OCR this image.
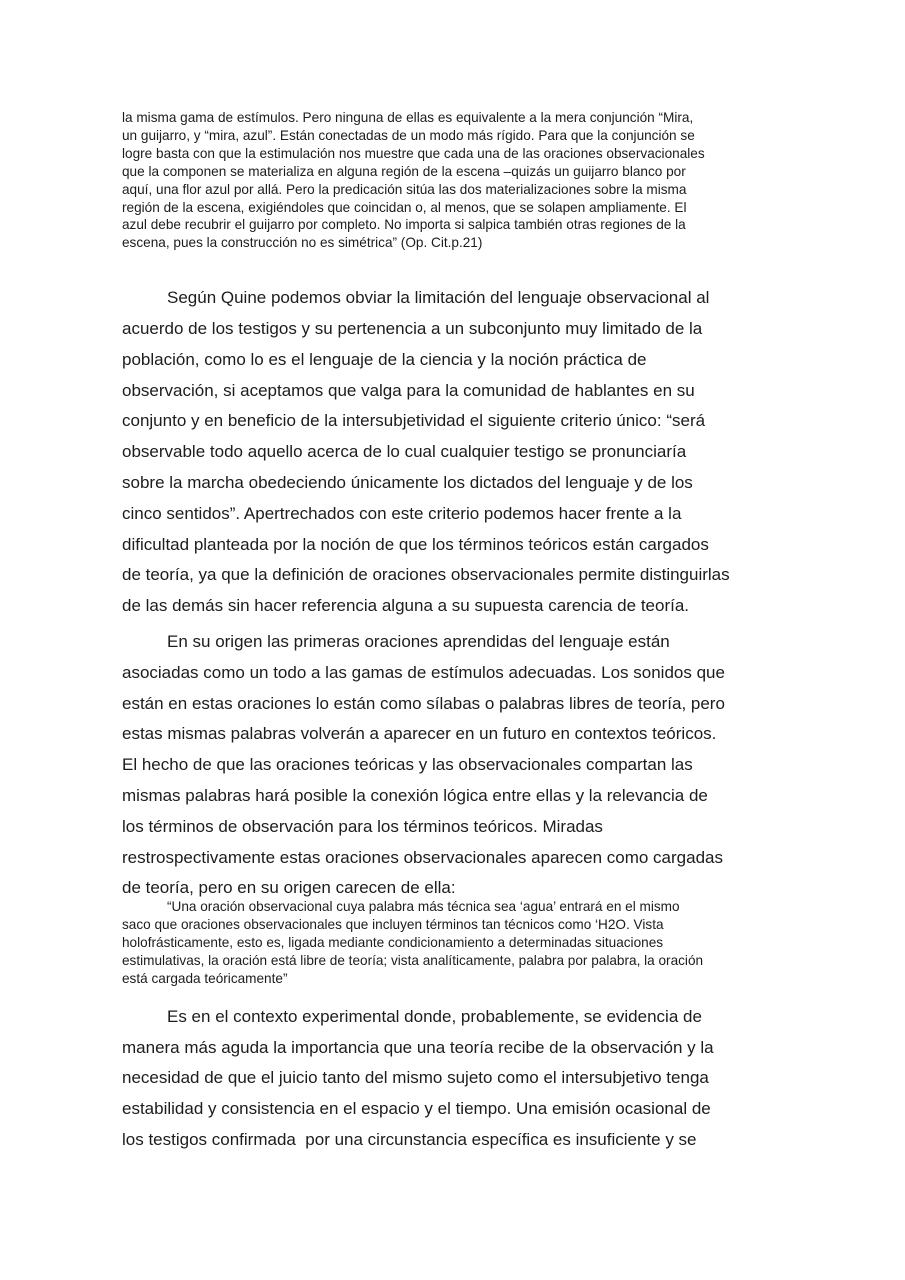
la misma gama de estímulos. Pero ninguna de ellas es equivalente a la mera conjunción “Mira,
un guijarro, y “mira, azul”. Están conectadas de un modo más rígido. Para que la conjunción se
logre basta con que la estimulación nos muestre que cada una de las oraciones observacionales
que la componen se materializa en alguna región de la escena –quizás un guijarro blanco por
aquí, una flor azul por allá. Pero la predicación sitúa las dos materializaciones sobre la misma
región de la escena, exigiéndoles que coincidan o, al menos, que se solapen ampliamente. El
azul debe recubrir el guijarro por completo. No importa si salpica también otras regiones de la
escena, pues la construcción no es simétrica” (Op. Cit.p.21)
Según Quine podemos obviar la limitación del lenguaje observacional al
acuerdo de los testigos y su pertenencia a un subconjunto muy limitado de la
población, como lo es el lenguaje de la ciencia y la noción práctica de
observación, si aceptamos que valga para la comunidad de hablantes en su
conjunto y en beneficio de la intersubjetividad el siguiente criterio único: “será
observable todo aquello acerca de lo cual cualquier testigo se pronunciaría
sobre la marcha obedeciendo únicamente los dictados del lenguaje y de los
cinco sentidos”. Apertrechados con este criterio podemos hacer frente a la
dificultad planteada por la noción de que los términos teóricos están cargados
de teoría, ya que la definición de oraciones observacionales permite distinguirlas
de las demás sin hacer referencia alguna a su supuesta carencia de teoría.
En su origen las primeras oraciones aprendidas del lenguaje están
asociadas como un todo a las gamas de estímulos adecuadas. Los sonidos que
están en estas oraciones lo están como sílabas o palabras libres de teoría, pero
estas mismas palabras volverán a aparecer en un futuro en contextos teóricos.
El hecho de que las oraciones teóricas y las observacionales compartan las
mismas palabras hará posible la conexión lógica entre ellas y la relevancia de
los términos de observación para los términos teóricos. Miradas
restrospectivamente estas oraciones observacionales aparecen como cargadas
de teoría, pero en su origen carecen de ella:
“Una oración observacional cuya palabra más técnica sea ‘agua’ entrará en el mismo
saco que oraciones observacionales que incluyen términos tan técnicos como ‘H2O. Vista
holofrásticamente, esto es, ligada mediante condicionamiento a determinadas situaciones
estimulativas, la oración está libre de teoría; vista analíticamente, palabra por palabra, la oración
está cargada teóricamente”
Es en el contexto experimental donde, probablemente, se evidencia de
manera más aguda la importancia que una teoría recibe de la observación y la
necesidad de que el juicio tanto del mismo sujeto como el intersubjetivo tenga
estabilidad y consistencia en el espacio y el tiempo. Una emisión ocasional de
los testigos confirmada  por una circunstancia específica es insuficiente y se
